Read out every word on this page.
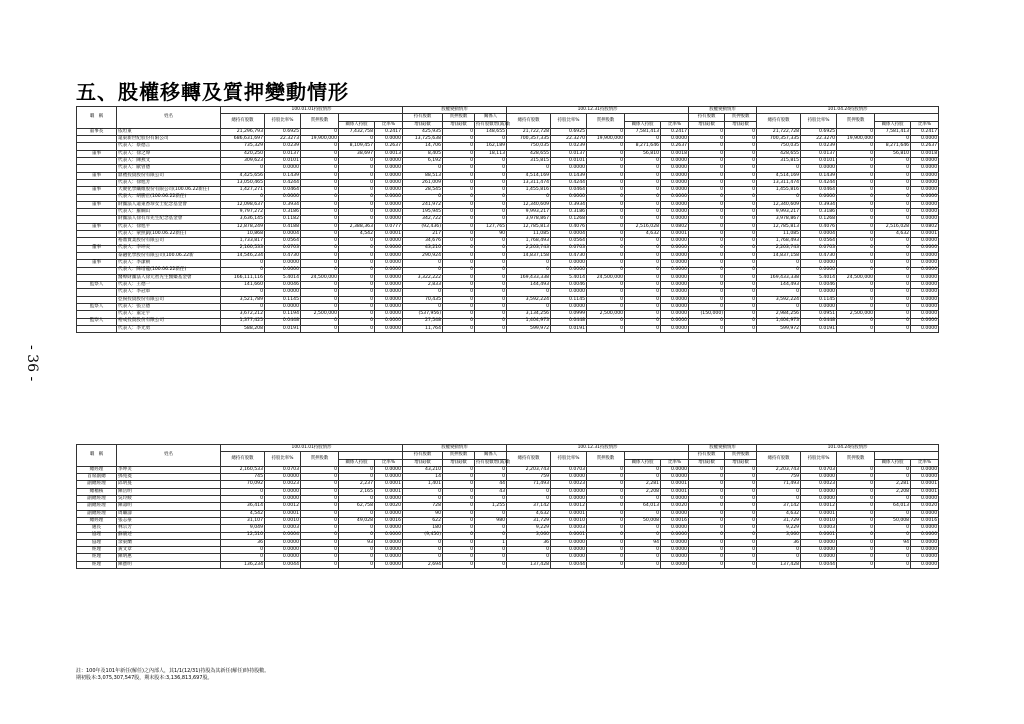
五、股權移轉及質押變動情形
- 36 -
職　稱	姓名	100.01.01持股情形					股權變動情形			100.12.31持股情形					股權變動情形		101.04.24持股情形				
		總持有股數	持股比率%	質押股數			持有股數	質押股數	關係人	總持有股數	持股比率%	質押股數			持有股數	質押股數	總持有股數	持股比率%	質押股數		
					關係人持股	比率%	增(減)數	增(減)數	持有股數增(減)數				關係人持股	比率%	增(減)數	增(減)數				關係人持股	比率%
董事長	依坦東	21,296,793	0.6925	0	7,432,758	0.2417	425,935	0	148,655	21,722,728	0.6925	0	7,581,413	0.2417	0	0	21,722,728	0.6925	0	7,581,413	0.2417
	遠東新世紀股份有限公司	686,631,697	22.3273	19,900,000	0	0.0000	13,725,638	0	0	700,357,335	22.3270	19,900,000	0	0.0000	0	0	700,357,335	22.3270	19,900,000	0	0.0000
	代表人：蔡德言	735,329	0.0239	0	8,109,457	0.2637	14,706	0	162,189	750,035	0.0239	0	8,271,646	0.2637	0	0	750,035	0.0239	0	8,271,646	0.2637
董事	代表人：徐之瑋	420,250	0.0137	0	38,697	0.0013	8,405	0	18,113	428,655	0.0137	0	56,810	0.0018	0	0	428,655	0.0137	0	56,810	0.0018
	代表人：陳燕文	309,623	0.0101	0	0	0.0000	6,192	0	0	315,815	0.0101	0	0	0.0000	0	0	315,815	0.0101	0	0	0.0000
	代表人：歐曾德	0	0.0000	0	0	0.0000	0	0	0	0	0.0000	0	0	0.0000	0	0	0	0.0000	0	0	0.0000
董事	鼎禮投資股份有限公司	4,425,656	0.1439	0	0	0.0000	88,513	0	0	4,514,169	0.1439	0	0	0.0000	0	0	4,514,169	0.1439	0	0	0.0000
	代表人：徐旭芳	13,050,465	0.4244	0	0	0.0000	261,009	0	0	13,311,474	0.4244	0	0	0.0000	0	0	13,311,474	0.4244	0	0	0.0000
董事	大聚化學纖維股份有限公司(100.06.22新任)	1,427,271	0.0464	0	0	0.0000	28,545	0	0	1,455,816	0.0464	0	0	0.0000	0	0	1,455,816	0.0464	0	0	0.0000
	代表人：胡勝正(100.06.22新任)	0	0.0000	0	0	0.0000	0	0	0	0	0.0000	0	0	0.0000	0	0	0	0.0000	0	0	0.0000
董事	財團法人遠東香珍女士紀念基金會	12,098,637	0.3934	0	0	0.0000	241,972	0	0	12,340,609	0.3934	0	0	0.0000	0	0	12,340,609	0.3934	0	0	0.0000
	代表人：羅綱山	9,797,272	0.3186	0	0	0.0000	195,945	0	0	9,993,217	0.3186	0	0	0.0000	0	0	9,993,217	0.3186	0	0	0.0000
	財團法人徐有庠先生紀念基金會	3,636,145	0.1182	0	0	0.0000	342,722	0	0	3,978,867	0.1268	0	0	0.0000	0	0	3,978,867	0.1268	0	0	0.0000
董事	代表人：徐旭平	12,878,249	0.4188	0	2,388,363	0.0777	(92,436)	0	127,765	12,785,813	0.4076	0	2,516,028	0.0802	0	0	12,785,813	0.4076	0	2,516,028	0.0802
	代表人：蒙照凱(100.06.22新任)	10,868	0.0004	0	4,542	0.0001	217	0	90	11,085	0.0004	0	4,632	0.0001	0	0	11,085	0.0004	0	4,632	0.0001
	裕鼎實業股份有限公司	1,733,817	0.0564	0	0	0.0000	34,676	0	0	1,768,493	0.0564	0	0	0.0000	0	0	1,768,493	0.0564	0	0	0.0000
董事	代表人：李坤炎	2,160,533	0.0703	0	0	0.0000	43,210	0	0	2,203,743	0.0703	0	0	0.0000	0	0	2,203,743	0.0703	0	0	0.0000
	泰融化學股份有限公司(100.06.22新	14,546,234	0.4730	0	0	0.0000	290,924	0	0	14,837,158	0.4730	0	0	0.0000	0	0	14,837,158	0.4730	0	0	0.0000
董事	代表人：李潔朝	0	0.0000	0	0	0.0000	0	0	0	0	0.0000	0	0	0.0000	0	0	0	0.0000	0	0	0.0000
	代表人：陳增龍(100.06.22新任)	0	0.0000	0	0	0.0000	0	0	0	0	0.0000	0	0	0.0000	0	0	0	0.0000	0	0	0.0000
	醫療財團法人徐元智先生醫藥基金會	166,111,116	5.4014	24,500,000	0	0.0000	3,322,222	0	0	169,433,338	5.4014	24,500,000	0	0.0000	0	0	169,433,338	5.4014	24,500,000	0	0.0000
監察人	代表人：王德一	141,660	0.0046	0	0	0.0000	2,833	0	0	144,493	0.0046	0	0	0.0000	0	0	144,493	0.0046	0	0	0.0000
	代表人：李冠軍	0	0.0000	0	0	0.0000	0	0	0	0	0.0000	0	0	0.0000	0	0	0	0.0000	0	0	0.0000
	亞揚投資股份有限公司	3,521,789	0.1145	0	0	0.0000	70,435	0	0	3,592,224	0.1145	0	0	0.0000	0	0	3,592,224	0.1145	0	0	0.0000
監察人	代表人：張立德	0	0.0000	0	0	0.0000	0	0	0	0	0.0000	0	0	0.0000	0	0	0	0.0000	0	0	0.0000
	代表人：董定宇	3,672,212	0.1194	2,500,000	0	0.0000	(537,956)	0	0	3,134,256	0.0999	2,500,000	0	0.0000	(150,000)	0	2,984,256	0.0951	2,500,000	0	0.0000
監察人	裕成投資股份有限公司	1,377,425	0.0448	0	0	0.0000	27,548	0	0	1,404,973	0.0448	0	0	0.0000	0	0	1,404,973	0.0448	0	0	0.0000
	代表人：李光勇	588,208	0.0191	0	0	0.0000	11,764	0	0	599,972	0.0191	0	0	0.0000	0	0	599,972	0.0191	0	0	0.0000
職　稱	姓名	100.01.01持股情形					股權變動情形			100.12.31持股情形					股權變動情形		101.04.24持股情形				
		總持有股數	持股比率%	質押股數			持有股數	質押股數	關係人	總持有股數	持股比率%	質押股數			持有股數	質押股數	總持有股數	持股比率%	質押股數		
					關係人持股	比率%	增(減)數	增(減)數	持有股數增(減)數				關係人持股	比率%	增(減)數	增(減)數				關係人持股	比率%
總經理	李坤炎	2,160,533	0.0703	0	0	0.0000	43,210	0	0	2,203,743	0.0703	0	0	0.0000	0	0	2,203,743	0.0703	0	0	0.0000
首席副總	鄧苑菱	745	0.0000	0	0	0.0000	14	0	0	759	0.0000	0	0	0.0000	0	0	759	0.0000	0	0	0.0000
副總經理	邱明蔓	70,092	0.0023	0	2,237	0.0001	1,401	0	44	71,493	0.0023	0	2,281	0.0001	0	0	71,493	0.0023	0	2,281	0.0001
總稽核	陳岳明	0	0.0000	0	2,165	0.0001	0	0	43	0	0.0000	0	2,208	0.0001	0	0	0	0.0000	0	2,208	0.0001
副總經理	吳玲綾	0	0.0000	0	0	0.0000	0	0	0	0	0.0000	0	0	0.0000	0	0	0	0.0000	0	0	0.0000
副總經理	陳壽明	36,414	0.0012	0	62,758	0.0020	728	0	1,255	37,142	0.0012	0	64,013	0.0020	0	0	37,142	0.0012	0	64,013	0.0020
副總經理	周繼濤	4,542	0.0001	0	0	0.0000	90	0	0	4,632	0.0001	0	0	0.0000	0	0	4,632	0.0001	0	0	0.0000
總經理	張志豪	31,107	0.0010	0	49,028	0.0016	622	0	980	31,729	0.0010	0	50,008	0.0016	0	0	31,729	0.0010	0	50,008	0.0016
處長	林宗芳	9,049	0.0003	0	0	0.0000	180	0	0	9,229	0.0003	0	0	0.0000	0	0	9,229	0.0003	0	0	0.0000
協理	蘇儀述	12,510	0.0004	0	0	0.0000	(9,450)	0	0	3,060	0.0001	0	0	0.0000	0	0	3,060	0.0001	0	0	0.0000
協理	余東蘭	36	0.0000	0	93	0.0000	0	0	1	36	0.0000	0	94	0.0000	0	0	36	0.0000	0	94	0.0000
經理	黃文章	0	0.0000	0	0	0.0000	0	0	0	0	0.0000	0	0	0.0000	0	0	0	0.0000	0	0	0.0000
經理	陳明惠	0	0.0000	0	0	0.0000	0	0	0	0	0.0000	0	0	0.0000	0	0	0	0.0000	0	0	0.0000
經理	陳寶明	136,234	0.0044	0	0	0.0000	2,694	0	0	137,428	0.0044	0	0	0.0000	0	0	137,428	0.0044	0	0	0.0000
註：100年及101年新任(解任)之內部人，其1/1(12/31)持股為其新任(解任)時持股數。
期初股本:3,075,307,547股，期末股本:3,136,813,697股。
